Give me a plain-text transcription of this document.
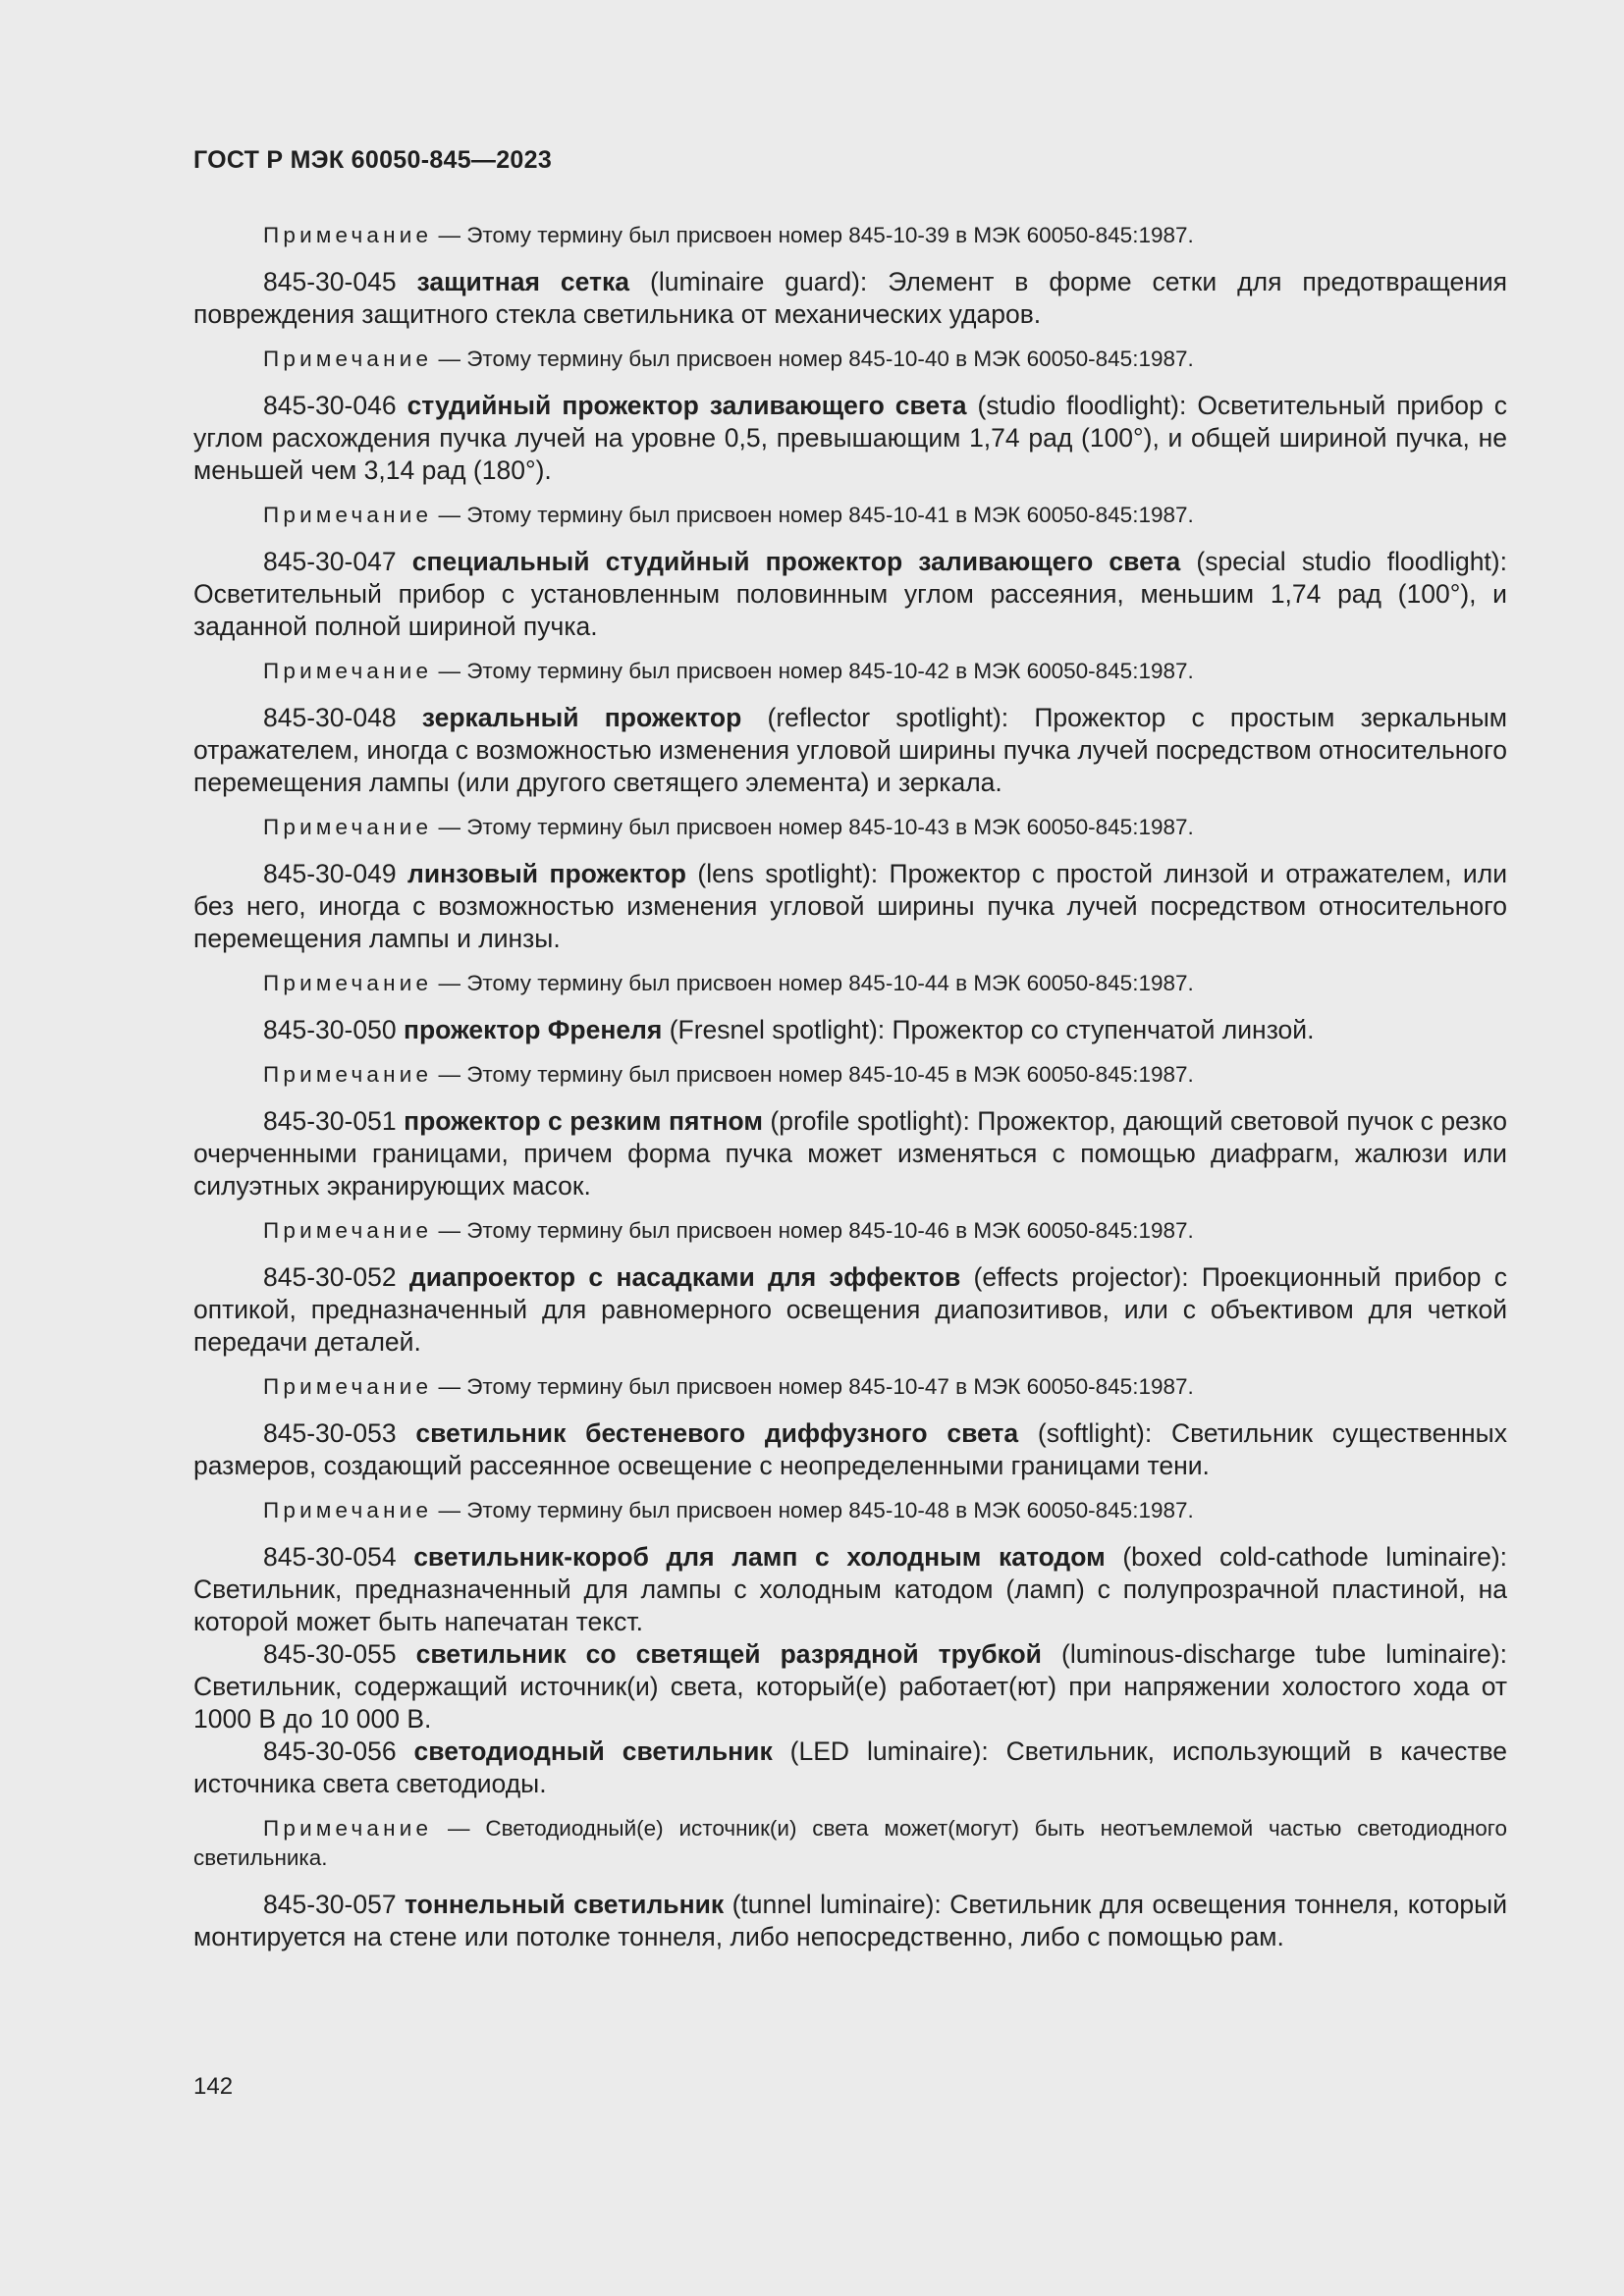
ГОСТ Р МЭК 60050-845—2023

Примечание — Этому термину был присвоен номер 845-10-39 в МЭК 60050-845:1987.

845-30-045 защитная сетка (luminaire guard): Элемент в форме сетки для предотвращения повреждения защитного стекла светильника от механических ударов.

Примечание — Этому термину был присвоен номер 845-10-40 в МЭК 60050-845:1987.

845-30-046 студийный прожектор заливающего света (studio floodlight): Осветительный прибор с углом расхождения пучка лучей на уровне 0,5, превышающим 1,74 рад (100°), и общей шириной пучка, не меньшей чем 3,14 рад (180°).

Примечание — Этому термину был присвоен номер 845-10-41 в МЭК 60050-845:1987.

845-30-047 специальный студийный прожектор заливающего света (special studio floodlight): Осветительный прибор с установленным половинным углом рассеяния, меньшим 1,74 рад (100°), и заданной полной шириной пучка.

Примечание — Этому термину был присвоен номер 845-10-42 в МЭК 60050-845:1987.

845-30-048 зеркальный прожектор (reflector spotlight): Прожектор с простым зеркальным отражателем, иногда с возможностью изменения угловой ширины пучка лучей посредством относительного перемещения лампы (или другого светящего элемента) и зеркала.

Примечание — Этому термину был присвоен номер 845-10-43 в МЭК 60050-845:1987.

845-30-049 линзовый прожектор (lens spotlight): Прожектор с простой линзой и отражателем, или без него, иногда с возможностью изменения угловой ширины пучка лучей посредством относительного перемещения лампы и линзы.

Примечание — Этому термину был присвоен номер 845-10-44 в МЭК 60050-845:1987.

845-30-050 прожектор Френеля (Fresnel spotlight): Прожектор со ступенчатой линзой.

Примечание — Этому термину был присвоен номер 845-10-45 в МЭК 60050-845:1987.

845-30-051 прожектор с резким пятном (profile spotlight): Прожектор, дающий световой пучок с резко очерченными границами, причем форма пучка может изменяться с помощью диафрагм, жалюзи или силуэтных экранирующих масок.

Примечание — Этому термину был присвоен номер 845-10-46 в МЭК 60050-845:1987.

845-30-052 диапроектор с насадками для эффектов (effects projector): Проекционный прибор с оптикой, предназначенный для равномерного освещения диапозитивов, или с объективом для четкой передачи деталей.

Примечание — Этому термину был присвоен номер 845-10-47 в МЭК 60050-845:1987.

845-30-053 светильник бестеневого диффузного света (softlight): Светильник существенных размеров, создающий рассеянное освещение с неопределенными границами тени.

Примечание — Этому термину был присвоен номер 845-10-48 в МЭК 60050-845:1987.

845-30-054 светильник-короб для ламп с холодным катодом (boxed cold-cathode luminaire): Светильник, предназначенный для лампы с холодным катодом (ламп) с полупрозрачной пластиной, на которой может быть напечатан текст.

845-30-055 светильник со светящей разрядной трубкой (luminous-discharge tube luminaire): Светильник, содержащий источник(и) света, который(е) работает(ют) при напряжении холостого хода от 1000 В до 10 000 В.

845-30-056 светодиодный светильник (LED luminaire): Светильник, использующий в качестве источника света светодиоды.

Примечание — Светодиодный(е) источник(и) света может(могут) быть неотъемлемой частью светодиодного светильника.

845-30-057 тоннельный светильник (tunnel luminaire): Светильник для освещения тоннеля, который монтируется на стене или потолке тоннеля, либо непосредственно, либо с помощью рам.

142
